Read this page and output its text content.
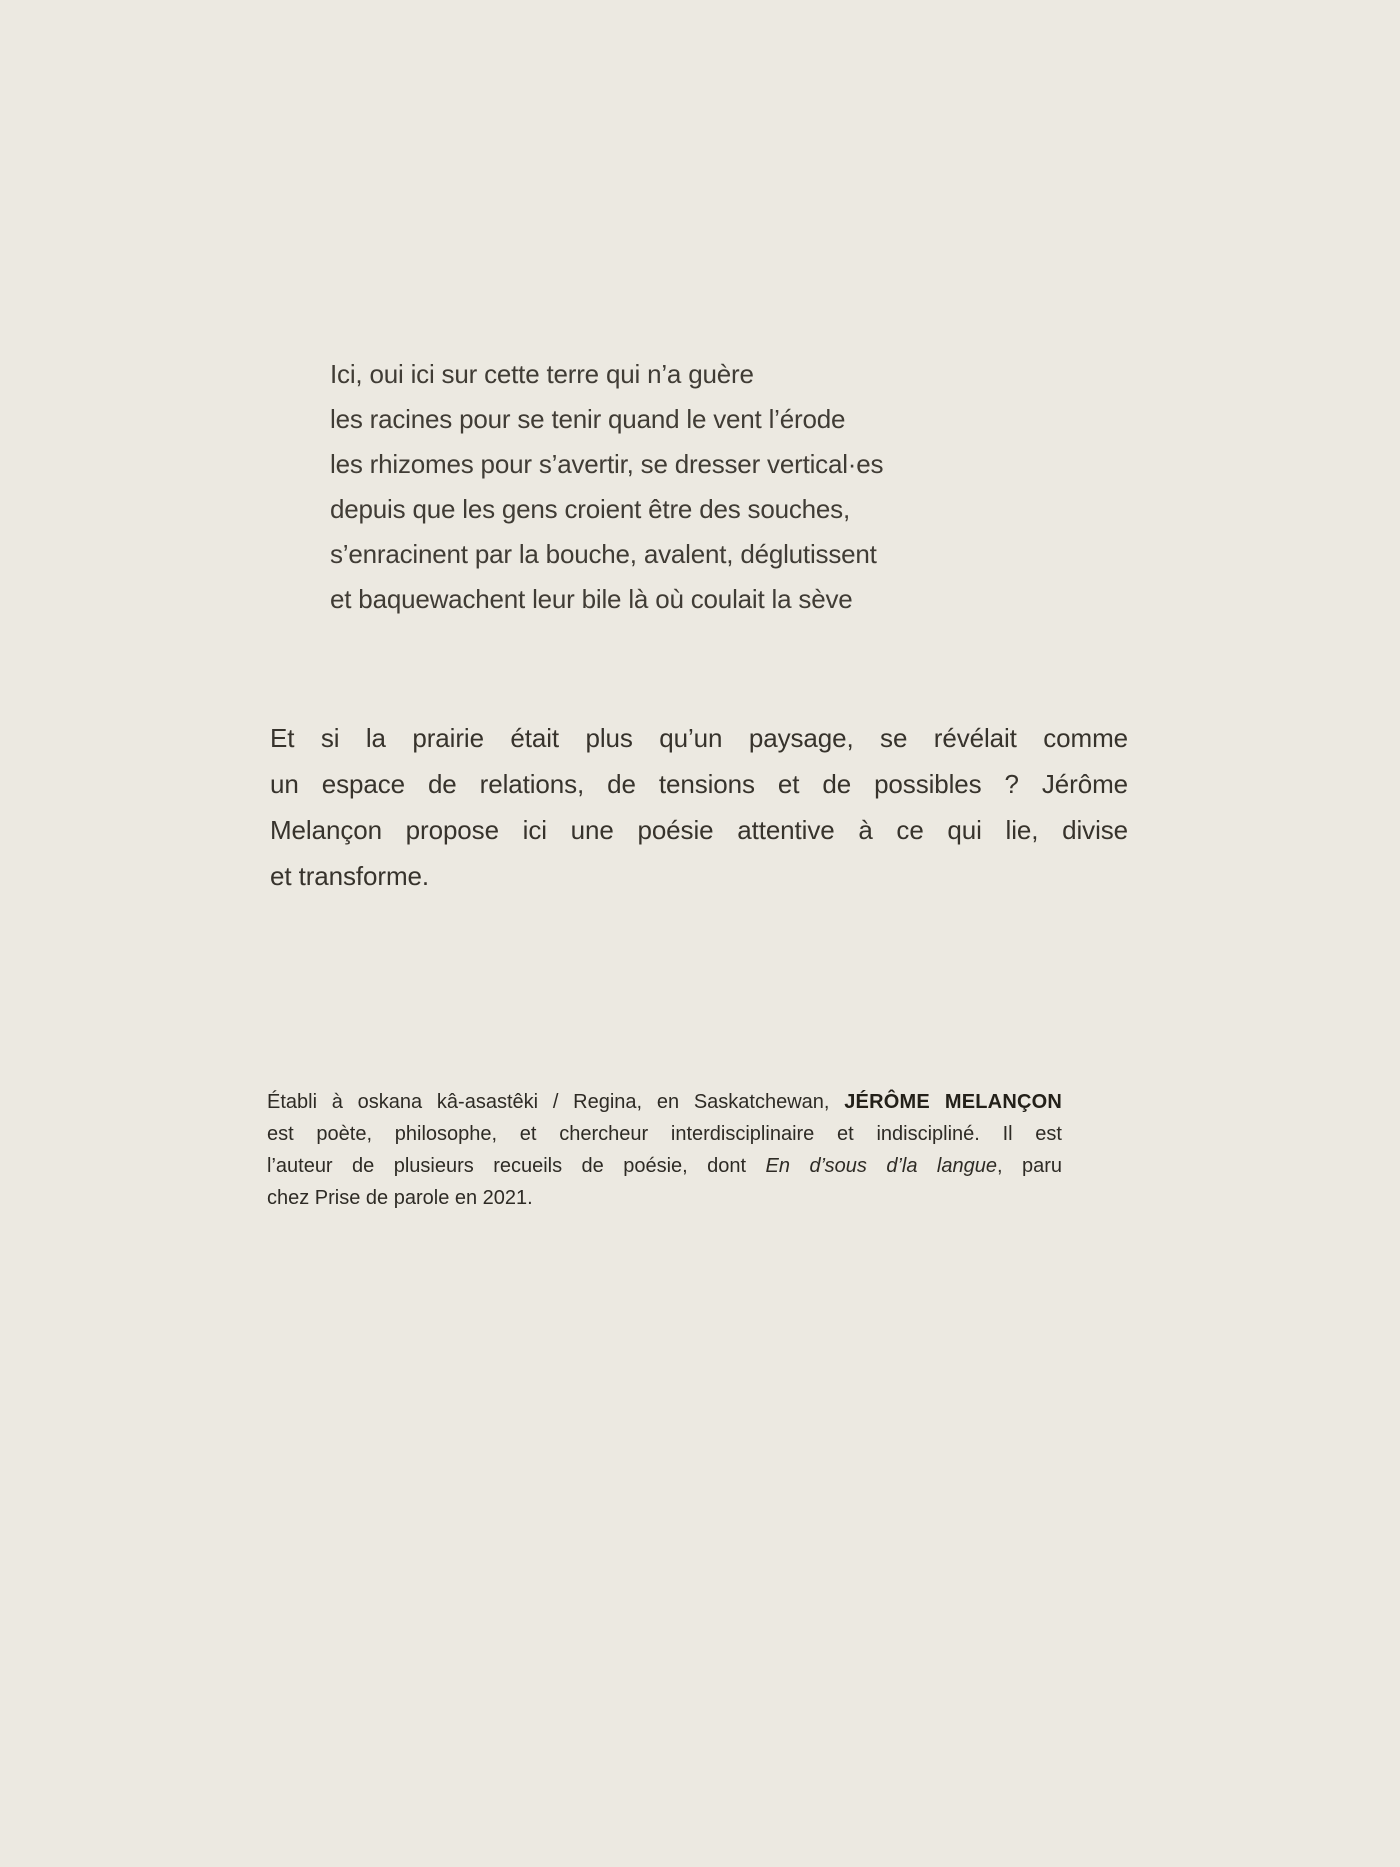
Ici, oui ici sur cette terre qui n’a guère
les racines pour se tenir quand le vent l’érode
les rhizomes pour s’avertir, se dresser vertical·es
depuis que les gens croient être des souches,
s’enracinent par la bouche, avalent, déglutissent
et baquewachent leur bile là où coulait la sève
Et si la prairie était plus qu’un paysage, se révélait comme
un espace de relations, de tensions et de possibles ? Jérôme
Melançon propose ici une poésie attentive à ce qui lie, divise
et transforme.
Établi à oskana kâ-asastêki / Regina, en Saskatchewan, JÉRÔME MELANÇON
est poète, philosophe, et chercheur interdisciplinaire et indiscipliné. Il est
l’auteur de plusieurs recueils de poésie, dont En d’sous d’la langue, paru
chez Prise de parole en 2021.
